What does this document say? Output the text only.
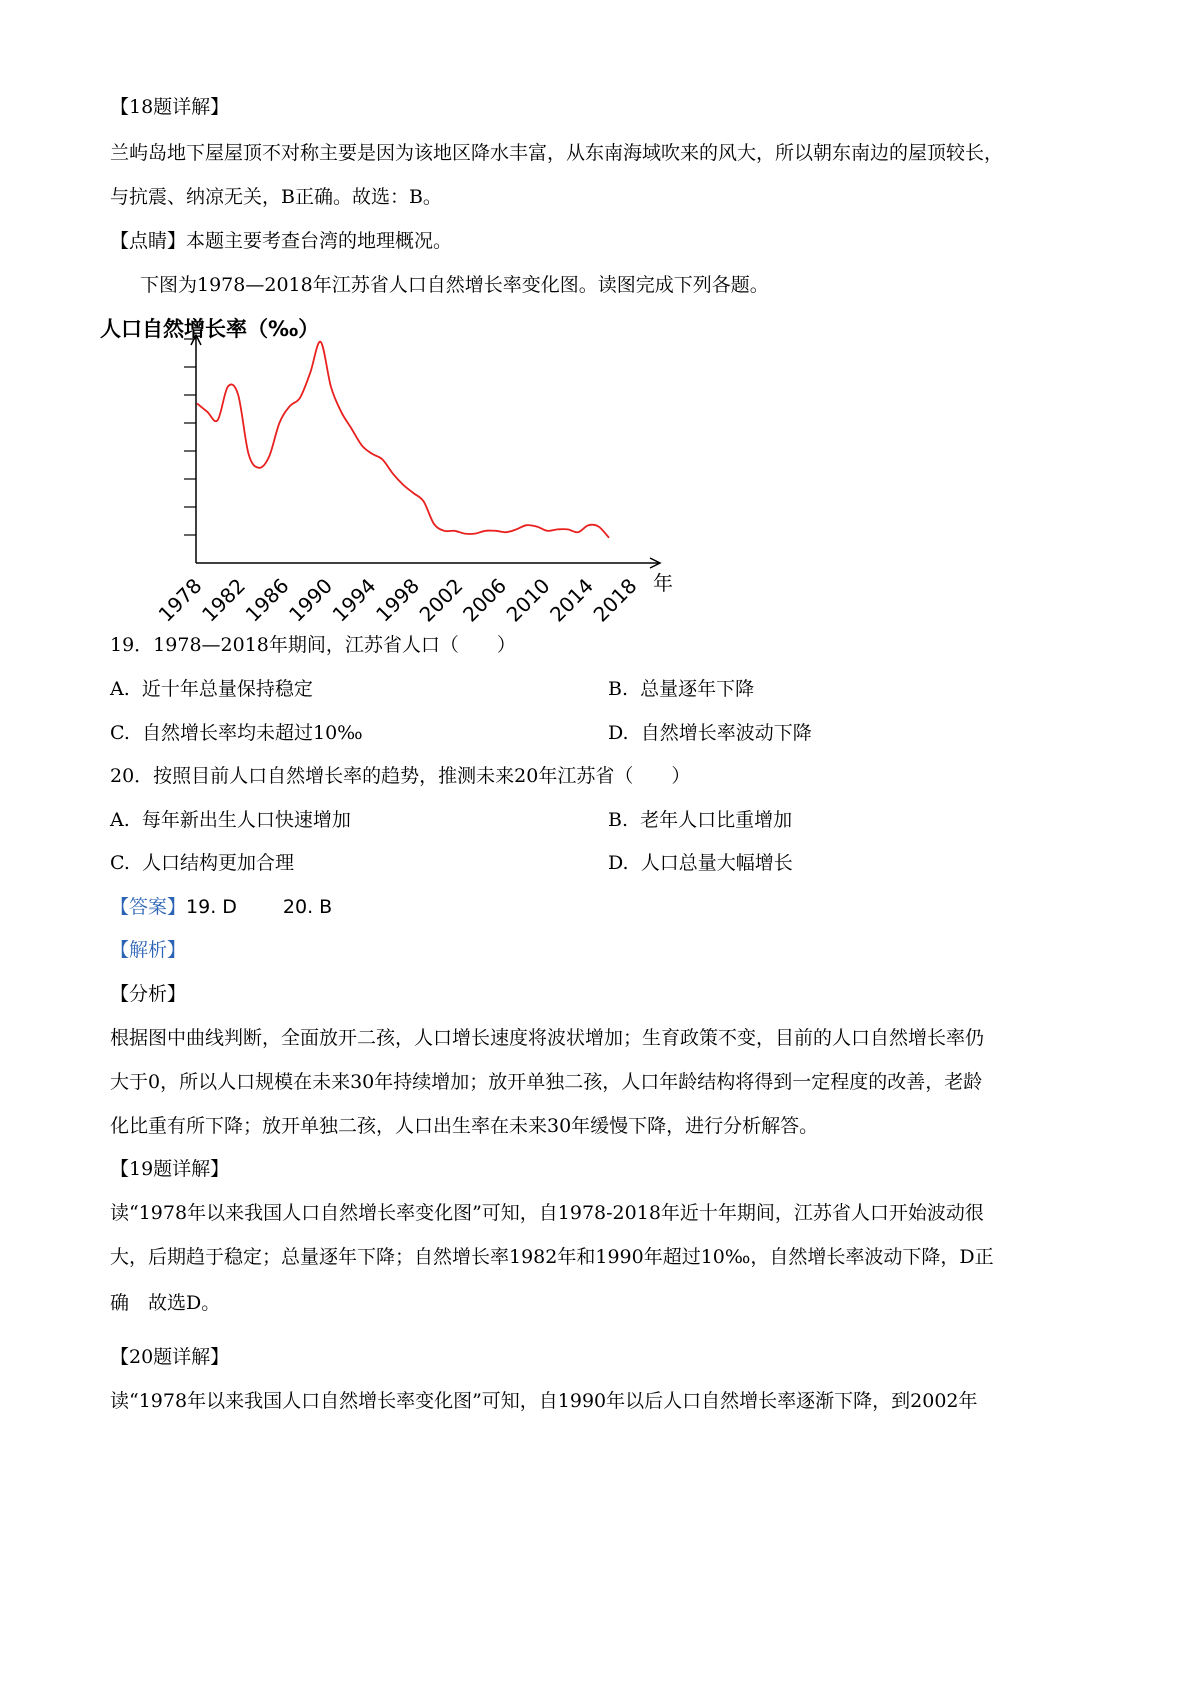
【18题详解】
兰屿岛地下屋屋顶不对称主要是因为该地区降水丰富，从东南海域吹来的风大，所以朝东南边的屋顶较长，
与抗震、纳凉无关，B正确。故选：B。
【点睛】本题主要考查台湾的地理概况。
下图为1978—2018年江苏省人口自然增长率变化图。读图完成下列各题。
人口自然增长率（‰）
1978
1982
1986
1990
1994
1998
2002
2006
2010
2014
2018 年
19．1978—2018年期间，江苏省人口（　　）
A. 近十年总量保持稳定	B. 总量逐年下降
C. 自然增长率均未超过10‰	D. 自然增长率波动下降
20．按照目前人口自然增长率的趋势，推测未来20年江苏省（　　）
A. 每年新出生人口快速增加	B. 老年人口比重增加
C. 人口结构更加合理	D. 人口总量大幅增长
【答案】19. D 20. B
【解析】
【分析】
根据图中曲线判断，全面放开二孩，人口增长速度将波状增加；生育政策不变，目前的人口自然增长率仍
大于0，所以人口规模在未来30年持续增加；放开单独二孩，人口年龄结构将得到一定程度的改善，老龄
化比重有所下降；放开单独二孩，人口出生率在未来30年缓慢下降，进行分析解答。
【19题详解】
读“1978年以来我国人口自然增长率变化图”可知，自1978-2018年近十年期间，江苏省人口开始波动很
大，后期趋于稳定；总量逐年下降；自然增长率1982年和1990年超过10‰，自然增长率波动下降，D正
确　故选D。
【20题详解】
读“1978年以来我国人口自然增长率变化图”可知，自1990年以后人口自然增长率逐渐下降，到2002年
